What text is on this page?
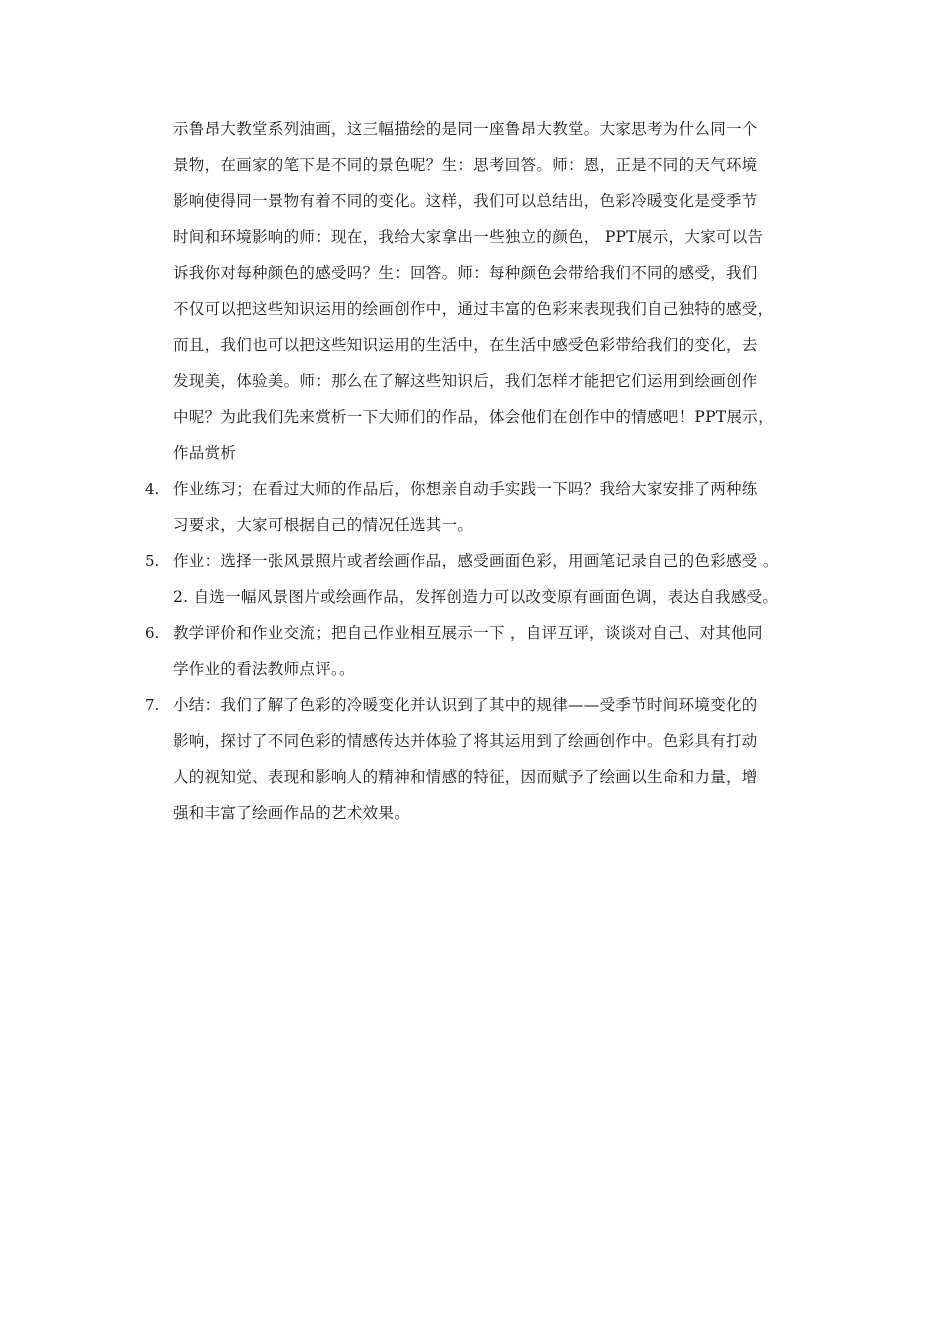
示鲁昂大教堂系列油画，这三幅描绘的是同一座鲁昂大教堂。大家思考为什么同一个
景物，在画家的笔下是不同的景色呢？生：思考回答。师：恩，正是不同的天气环境
影响使得同一景物有着不同的变化。这样，我们可以总结出，色彩冷暖变化是受季节
时间和环境影响的师：现在，我给大家拿出一些独立的颜色， PPT展示，大家可以告
诉我你对每种颜色的感受吗？生：回答。师：每种颜色会带给我们不同的感受，我们
不仅可以把这些知识运用的绘画创作中，通过丰富的色彩来表现我们自己独特的感受，
而且，我们也可以把这些知识运用的生活中，在生活中感受色彩带给我们的变化，去
发现美，体验美。师：那么在了解这些知识后，我们怎样才能把它们运用到绘画创作
中呢？为此我们先来赏析一下大师们的作品，体会他们在创作中的情感吧！PPT展示，
作品赏析
4. 作业练习；在看过大师的作品后，你想亲自动手实践一下吗？我给大家安排了两种练
习要求，大家可根据自己的情况任选其一。
5. 作业：选择一张风景照片或者绘画作品，感受画面色彩，用画笔记录自己的色彩感受 。
2. 自选一幅风景图片或绘画作品，发挥创造力可以改变原有画面色调，表达自我感受。
6. 教学评价和作业交流；把自己作业相互展示一下 ，自评互评，谈谈对自己、对其他同
学作业的看法教师点评。。
7. 小结：我们了解了色彩的冷暖变化并认识到了其中的规律——受季节时间环境变化的
影响，探讨了不同色彩的情感传达并体验了将其运用到了绘画创作中。色彩具有打动
人的视知觉、表现和影响人的精神和情感的特征，因而赋予了绘画以生命和力量，增
强和丰富了绘画作品的艺术效果。
